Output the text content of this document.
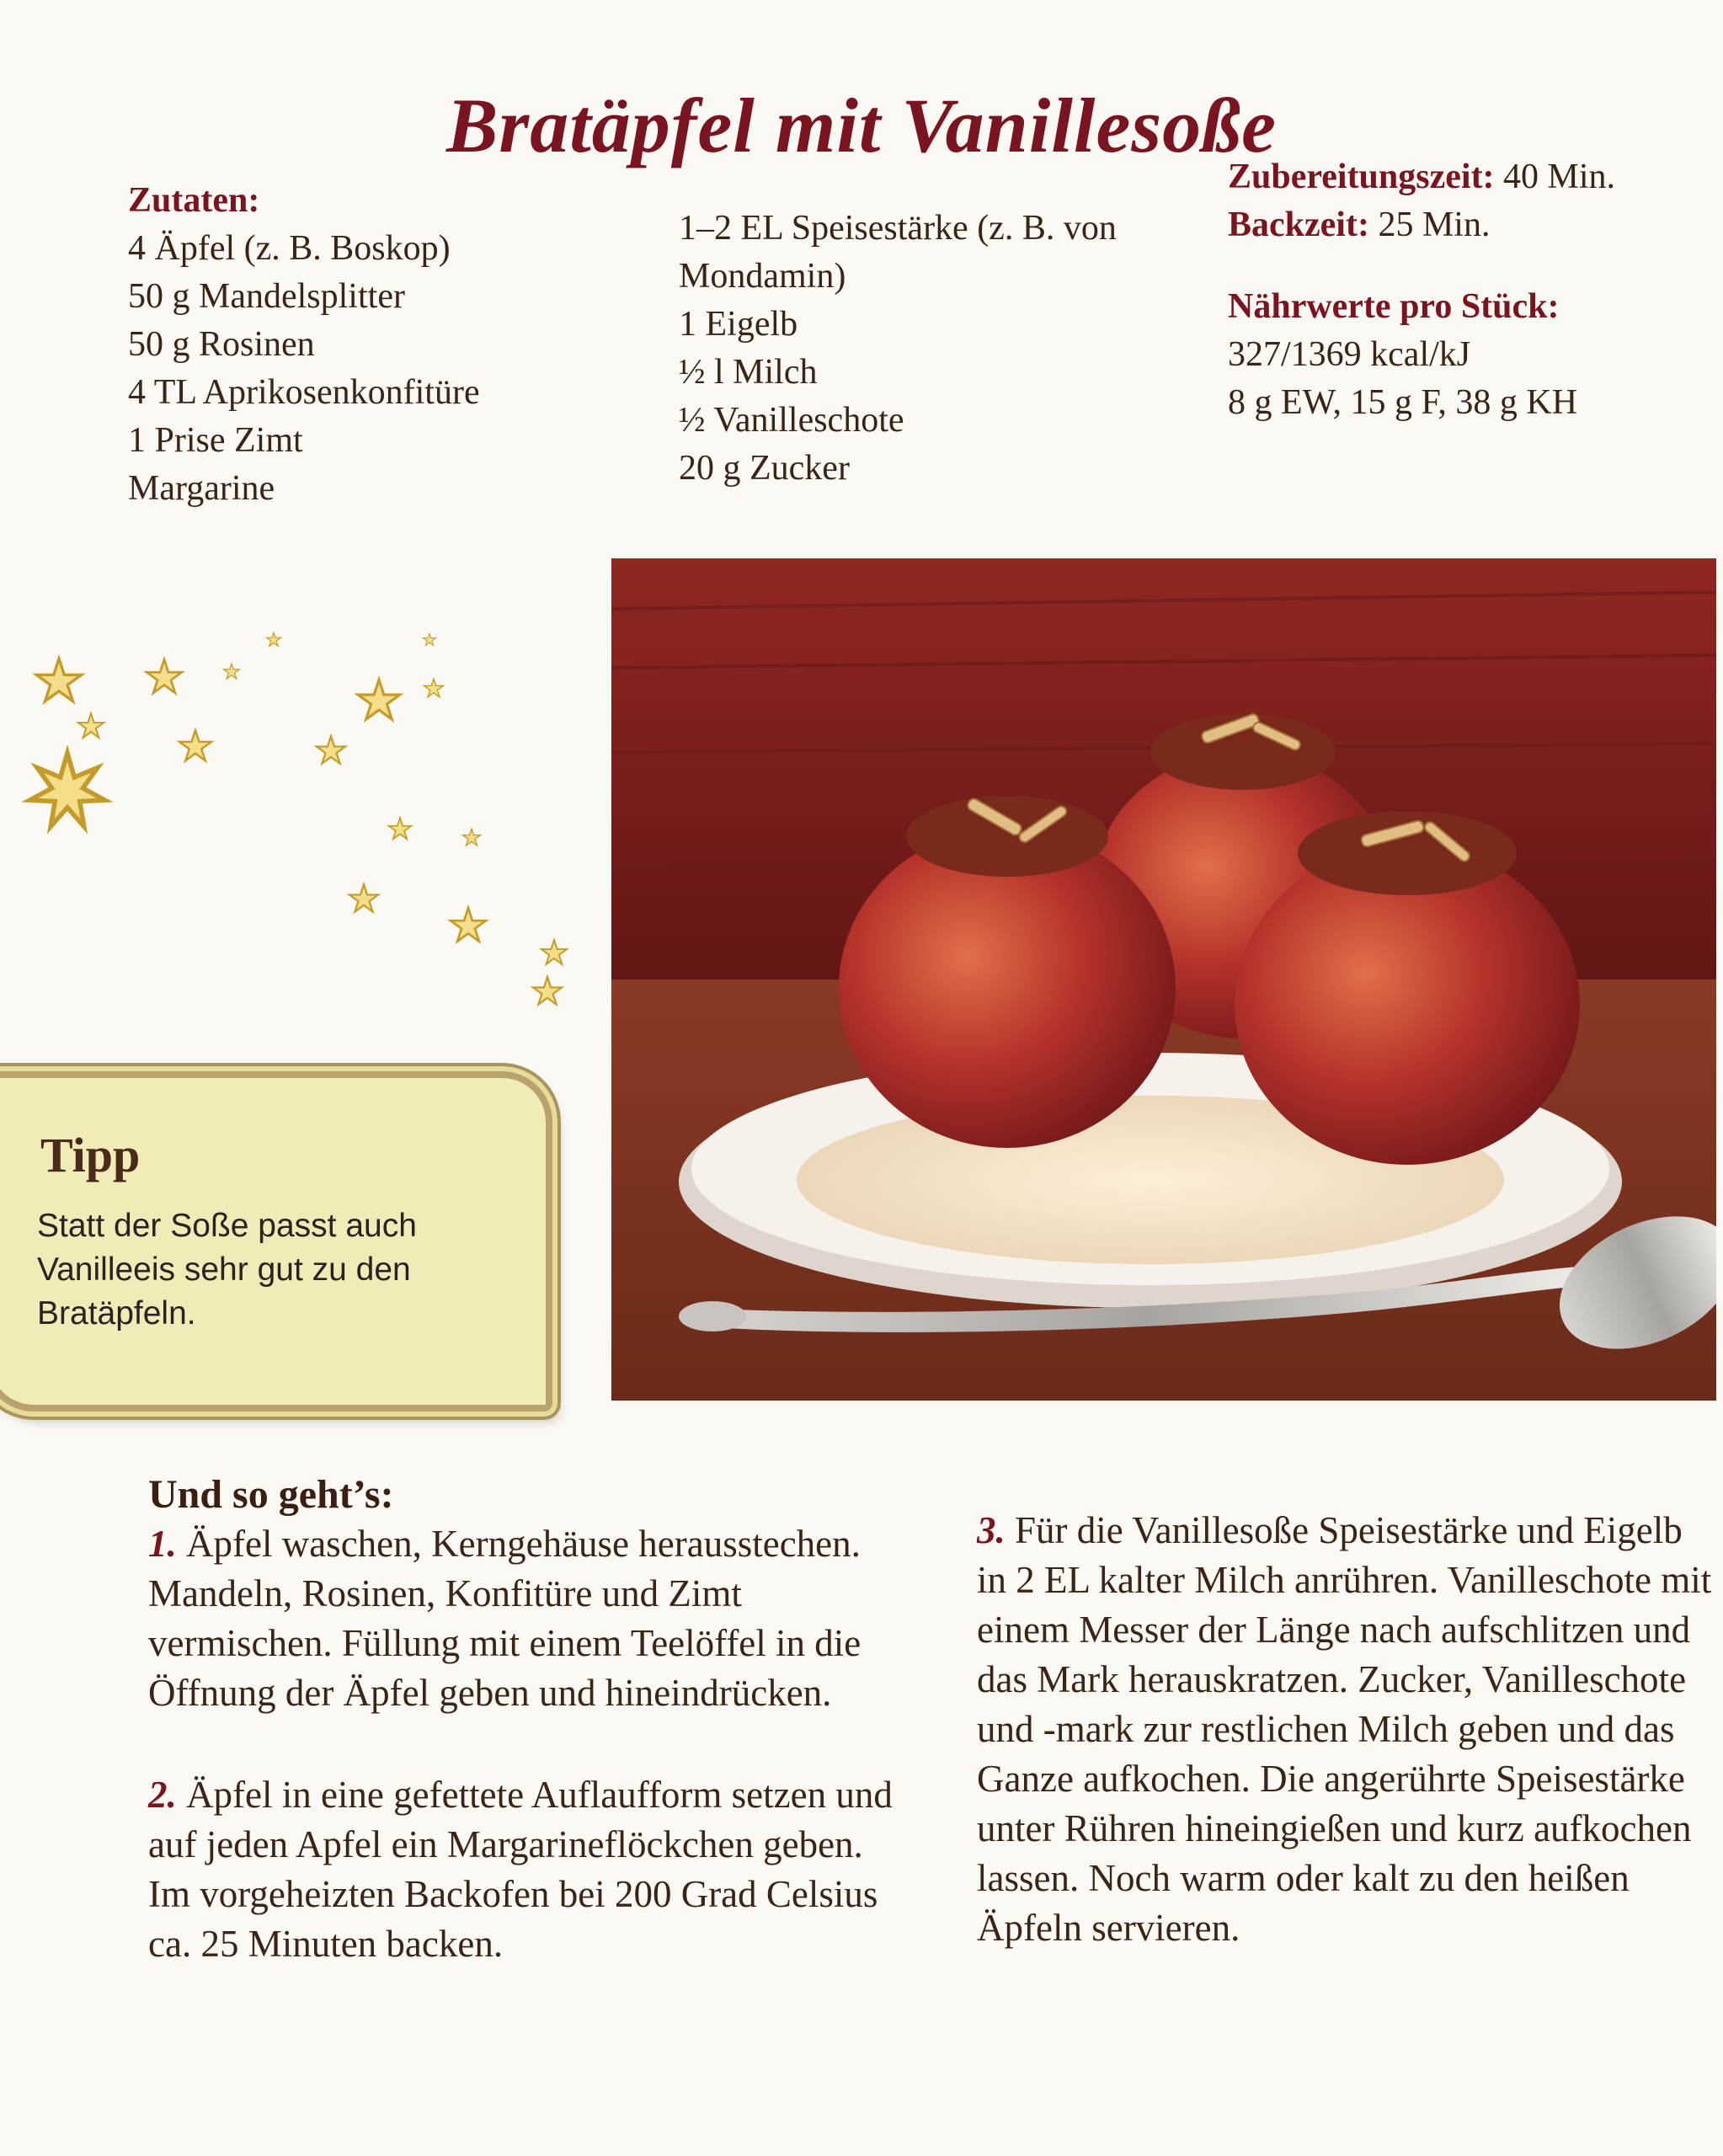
Bratäpfel mit Vanillesoße
Zutaten:
4 Äpfel (z. B. Boskop)
50 g Mandelsplitter
50 g Rosinen
4 TL Aprikosenkonfitüre
1 Prise Zimt
Margarine
1–2 EL Speisestärke (z. B. von
Mondamin)
1 Eigelb
½ l Milch
½ Vanilleschote
20 g Zucker
Zubereitungszeit: 40 Min.
Backzeit: 25 Min.
Nährwerte pro Stück:
327/1369 kcal/kJ
8 g EW, 15 g F, 38 g KH
Tipp
Statt der Soße passt auch Vanilleeis sehr gut zu den Bratäpfeln.
Und so geht’s:

1. Äpfel waschen, Kerngehäuse herausstechen. Mandeln, Rosinen, Konfitüre und Zimt vermischen. Füllung mit einem Teelöffel in die Öffnung der Äpfel geben und hineindrücken.

2. Äpfel in eine gefettete Auflaufform setzen und auf jeden Apfel ein Margarineflöckchen geben. Im vorgeheizten Backofen bei 200 Grad Celsius ca. 25 Minuten backen.

3. Für die Vanillesoße Speisestärke und Eigelb in 2 EL kalter Milch anrühren. Vanilleschote mit einem Messer der Länge nach aufschlitzen und das Mark herauskratzen. Zucker, Vanilleschote und -mark zur restlichen Milch geben und das Ganze aufkochen. Die angerührte Speisestärke unter Rühren hineingießen und kurz aufkochen lassen. Noch warm oder kalt zu den heißen Äpfeln servieren.
